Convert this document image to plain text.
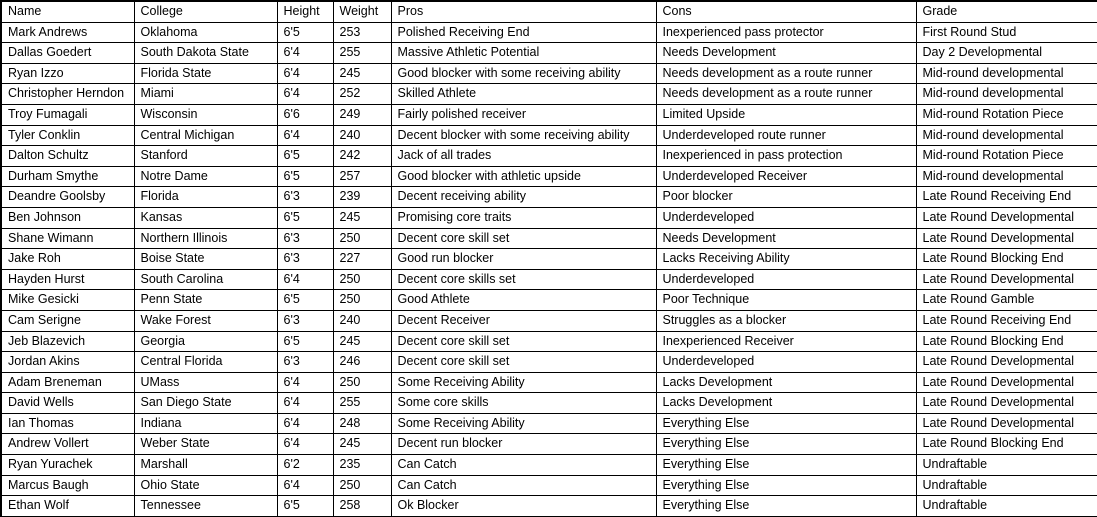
Name	College	Height	Weight	Pros	Cons	Grade
Mark Andrews	Oklahoma	6'5	253	Polished Receiving End	Inexperienced pass protector	First Round Stud
Dallas Goedert	South Dakota State	6'4	255	Massive Athletic Potential	Needs Development	Day 2 Developmental
Ryan Izzo	Florida State	6'4	245	Good blocker with some receiving ability	Needs development as a route runner	Mid-round developmental
Christopher Herndon	Miami	6'4	252	Skilled Athlete	Needs development as a route runner	Mid-round developmental
Troy Fumagali	Wisconsin	6'6	249	Fairly polished receiver	Limited Upside	Mid-round Rotation Piece
Tyler Conklin	Central Michigan	6'4	240	Decent blocker with some receiving ability	Underdeveloped route runner	Mid-round developmental
Dalton Schultz	Stanford	6'5	242	Jack of all trades	Inexperienced in pass protection	Mid-round Rotation Piece
Durham Smythe	Notre Dame	6'5	257	Good blocker with athletic upside	Underdeveloped Receiver	Mid-round developmental
Deandre Goolsby	Florida	6'3	239	Decent receiving ability	Poor blocker	Late Round Receiving End
Ben Johnson	Kansas	6'5	245	Promising core traits	Underdeveloped	Late Round Developmental
Shane Wimann	Northern Illinois	6'3	250	Decent core skill set	Needs Development	Late Round Developmental
Jake Roh	Boise State	6'3	227	Good run blocker	Lacks Receiving Ability	Late Round Blocking End
Hayden Hurst	South Carolina	6'4	250	Decent core skills set	Underdeveloped	Late Round Developmental
Mike Gesicki	Penn State	6'5	250	Good Athlete	Poor Technique	Late Round Gamble
Cam Serigne	Wake Forest	6'3	240	Decent Receiver	Struggles as a blocker	Late Round Receiving End
Jeb Blazevich	Georgia	6'5	245	Decent core skill set	Inexperienced Receiver	Late Round Blocking End
Jordan Akins	Central Florida	6'3	246	Decent core skill set	Underdeveloped	Late Round Developmental
Adam Breneman	UMass	6'4	250	Some Receiving Ability	Lacks Development	Late Round Developmental
David Wells	San Diego State	6'4	255	Some core skills	Lacks Development	Late Round Developmental
Ian Thomas	Indiana	6'4	248	Some Receiving Ability	Everything Else	Late Round Developmental
Andrew Vollert	Weber State	6'4	245	Decent run blocker	Everything Else	Late Round Blocking End
Ryan Yurachek	Marshall	6'2	235	Can Catch	Everything Else	Undraftable
Marcus Baugh	Ohio State	6'4	250	Can Catch	Everything Else	Undraftable
Ethan Wolf	Tennessee	6'5	258	Ok Blocker	Everything Else	Undraftable
